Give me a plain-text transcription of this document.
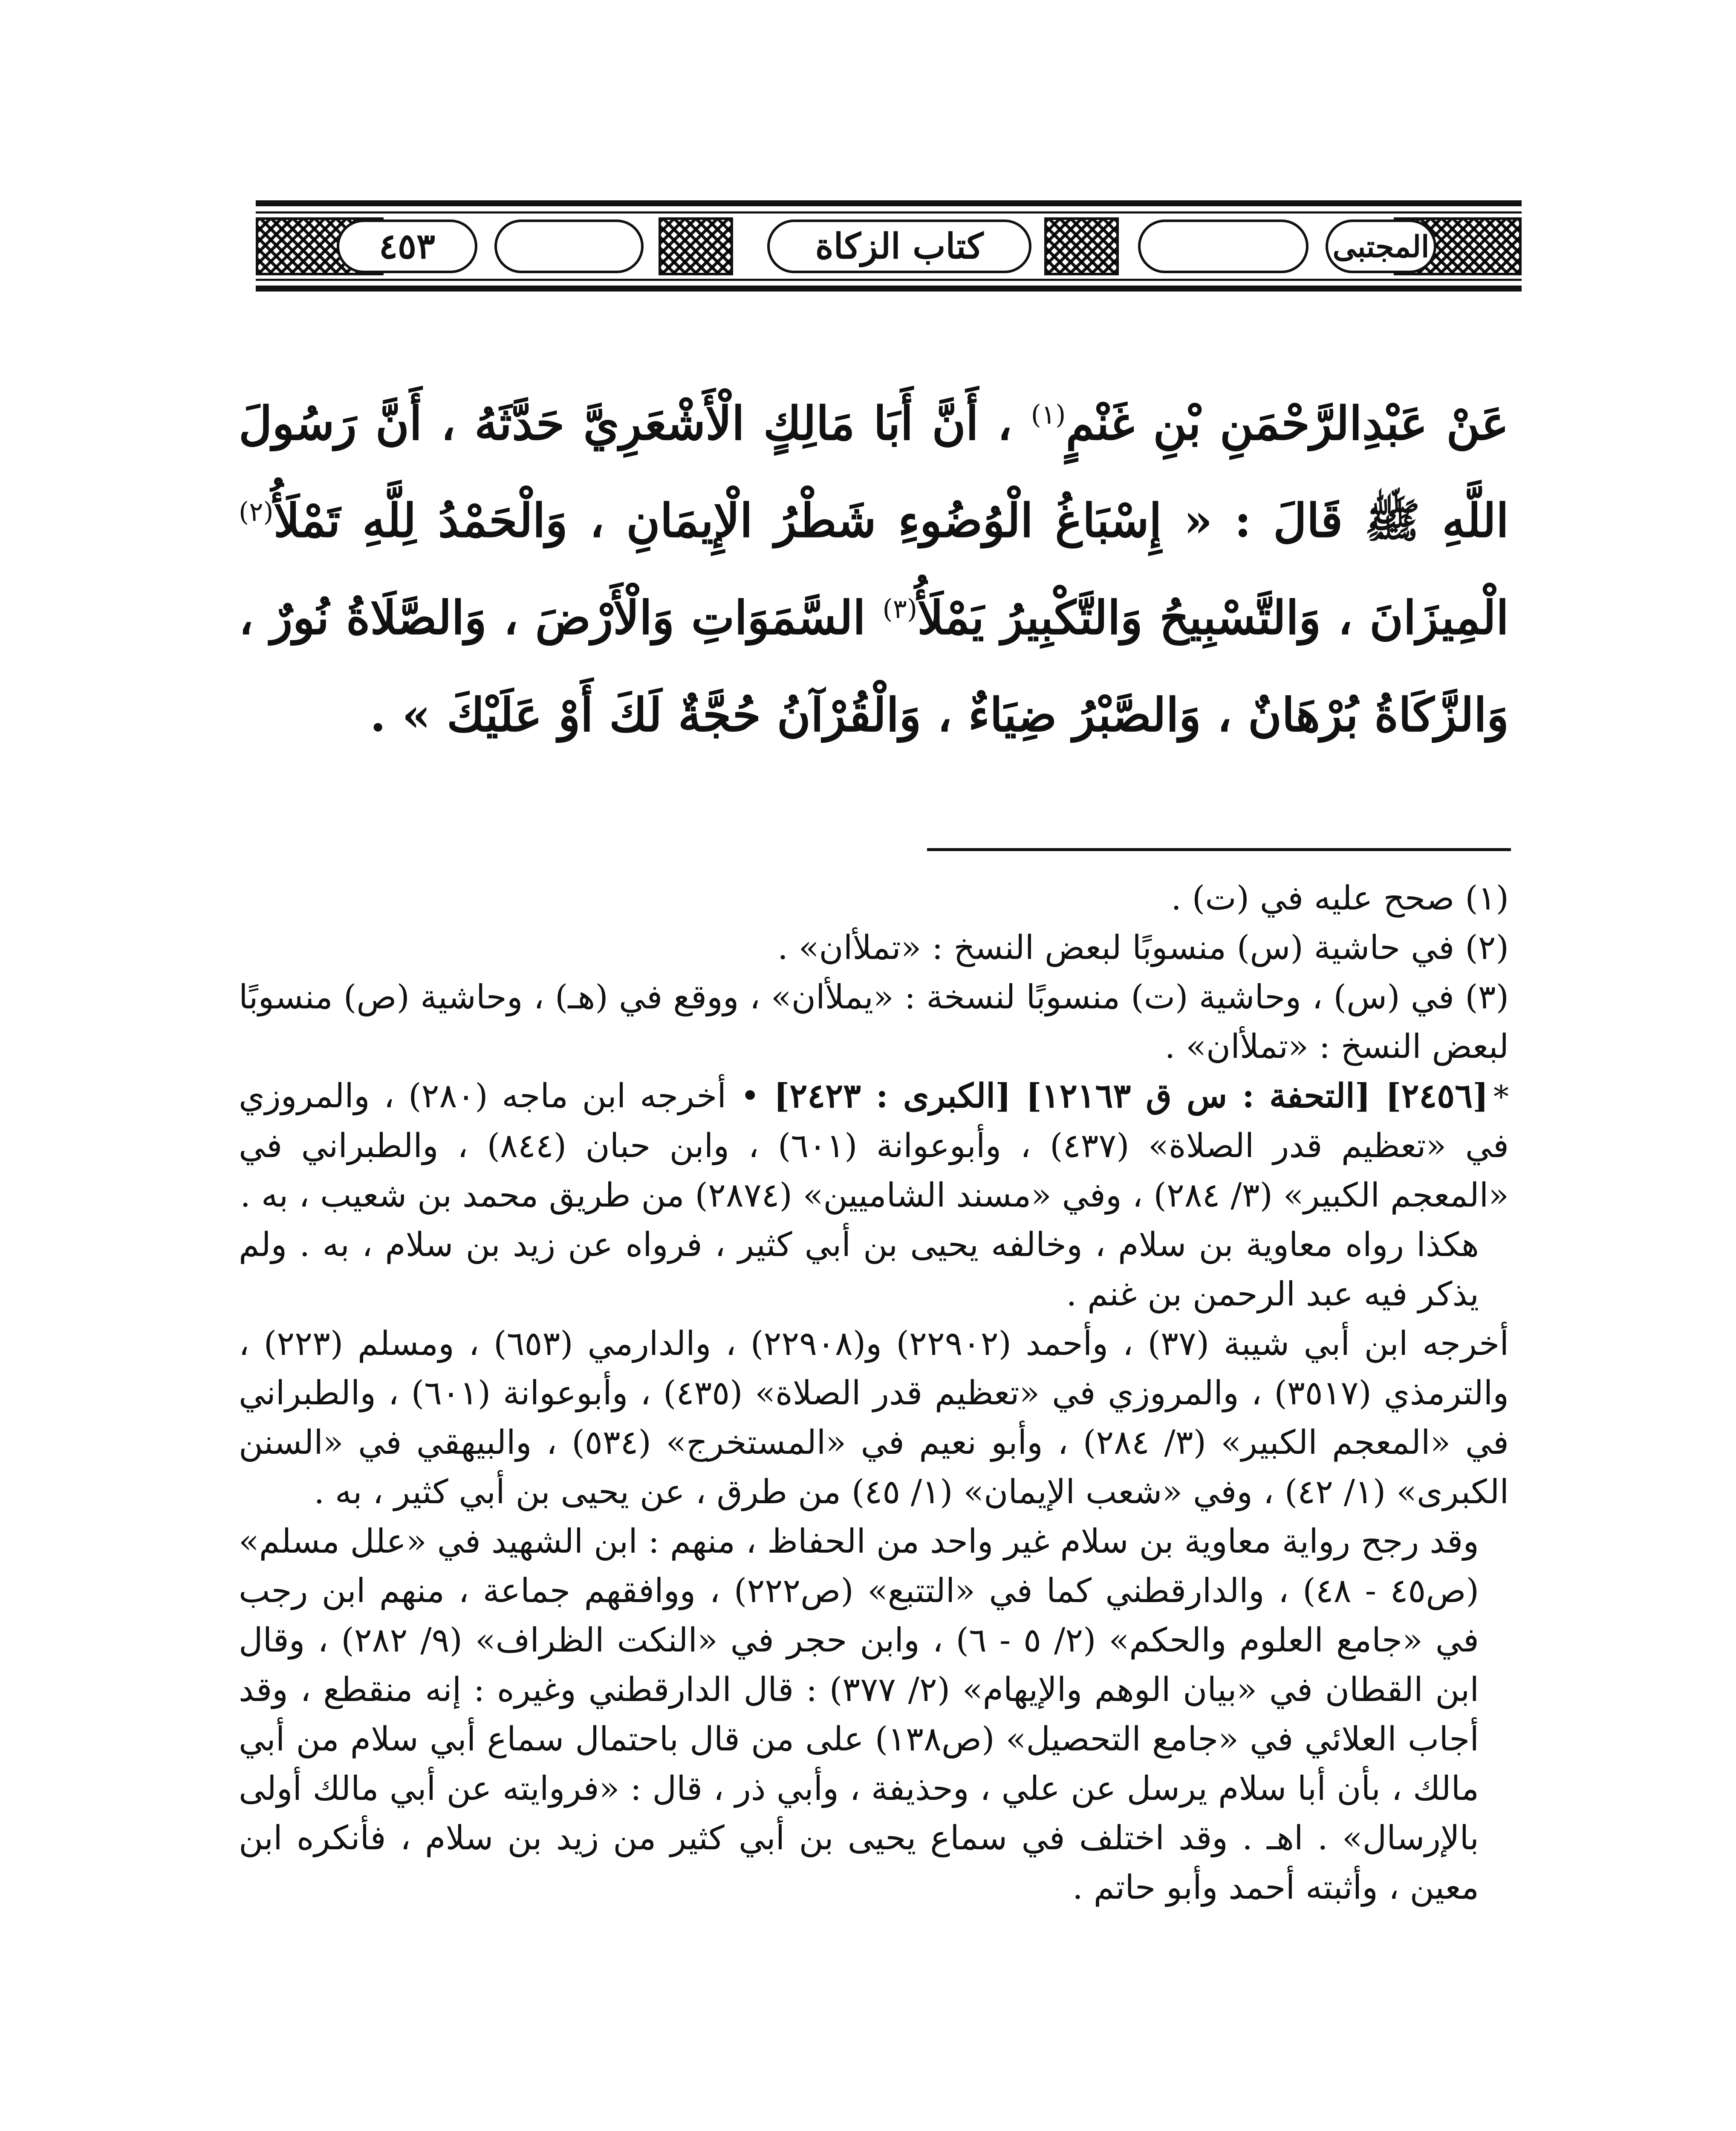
٤٥٣	كتاب الزكاة	المجتبى
عَنْ عَبْدِالرَّحْمَنِ بْنِ غَنْمٍ$^{(١)}$ ، أَنَّ أَبَا مَالِكٍ الْأَشْعَرِيَّ حَدَّثَهُ ، أَنَّ رَسُولَ اللَّهِ ﷺ قَالَ : « إِسْبَاغُ الْوُضُوءِ شَطْرُ الْإِيمَانِ ، وَالْحَمْدُ لِلَّهِ تَمْلَأُ$^{(٢)}$ الْمِيزَانَ ، وَالتَّسْبِيحُ وَالتَّكْبِيرُ يَمْلَأُ$^{(٣)}$ السَّمَوَاتِ وَالْأَرْضَ ، وَالصَّلَاةُ نُورٌ ، وَالزَّكَاةُ بُرْهَانٌ ، وَالصَّبْرُ ضِيَاءٌ ، وَالْقُرْآنُ حُجَّةٌ لَكَ أَوْ عَلَيْكَ » .

(١) صحح عليه في (ت) .

(٢) في حاشية (س) منسوبًا لبعض النسخ : «تملأان» .

(٣) في (س) ، وحاشية (ت) منسوبًا لنسخة : «يملأان» ، ووقع في (هـ) ، وحاشية (ص) منسوبًا لبعض النسخ : «تملأان» .

*[٢٤٥٦] [التحفة : س ق ١٢١٦٣] [الكبرى : ٢٤٢٣] • أخرجه ابن ماجه (٢٨٠) ، والمروزي في «تعظيم قدر الصلاة» (٤٣٧) ، وأبوعوانة (٦٠١) ، وابن حبان (٨٤٤) ، والطبراني في «المعجم الكبير» (٣/ ٢٨٤) ، وفي «مسند الشاميين» (٢٨٧٤) من طريق محمد بن شعيب ، به .

هكذا رواه معاوية بن سلام ، وخالفه يحيى بن أبي كثير ، فرواه عن زيد بن سلام ، به . ولم يذكر فيه عبد الرحمن بن غنم .

أخرجه ابن أبي شيبة (٣٧) ، وأحمد (٢٢٩٠٢) و(٢٢٩٠٨) ، والدارمي (٦٥٣) ، ومسلم (٢٢٣) ، والترمذي (٣٥١٧) ، والمروزي في «تعظيم قدر الصلاة» (٤٣٥) ، وأبوعوانة (٦٠١) ، والطبراني في «المعجم الكبير» (٣/ ٢٨٤) ، وأبو نعيم في «المستخرج» (٥٣٤) ، والبيهقي في «السنن الكبرى» (١/ ٤٢) ، وفي «شعب الإيمان» (١/ ٤٥) من طرق ، عن يحيى بن أبي كثير ، به .

وقد رجح رواية معاوية بن سلام غير واحد من الحفاظ ، منهم : ابن الشهيد في «علل مسلم» (ص٤٥ - ٤٨) ، والدارقطني كما في «التتبع» (ص٢٢٢) ، ووافقهم جماعة ، منهم ابن رجب في «جامع العلوم والحكم» (٢/ ٥ - ٦) ، وابن حجر في «النكت الظراف» (٩/ ٢٨٢) ، وقال ابن القطان في «بيان الوهم والإيهام» (٢/ ٣٧٧) : قال الدارقطني وغيره : إنه منقطع ، وقد أجاب العلائي في «جامع التحصيل» (ص١٣٨) على من قال باحتمال سماع أبي سلام من أبي مالك ، بأن أبا سلام يرسل عن علي ، وحذيفة ، وأبي ذر ، قال : «فروايته عن أبي مالك أولى بالإرسال» . اهـ . وقد اختلف في سماع يحيى بن أبي كثير من زيد بن سلام ، فأنكره ابن معين ، وأثبته أحمد وأبو حاتم .
